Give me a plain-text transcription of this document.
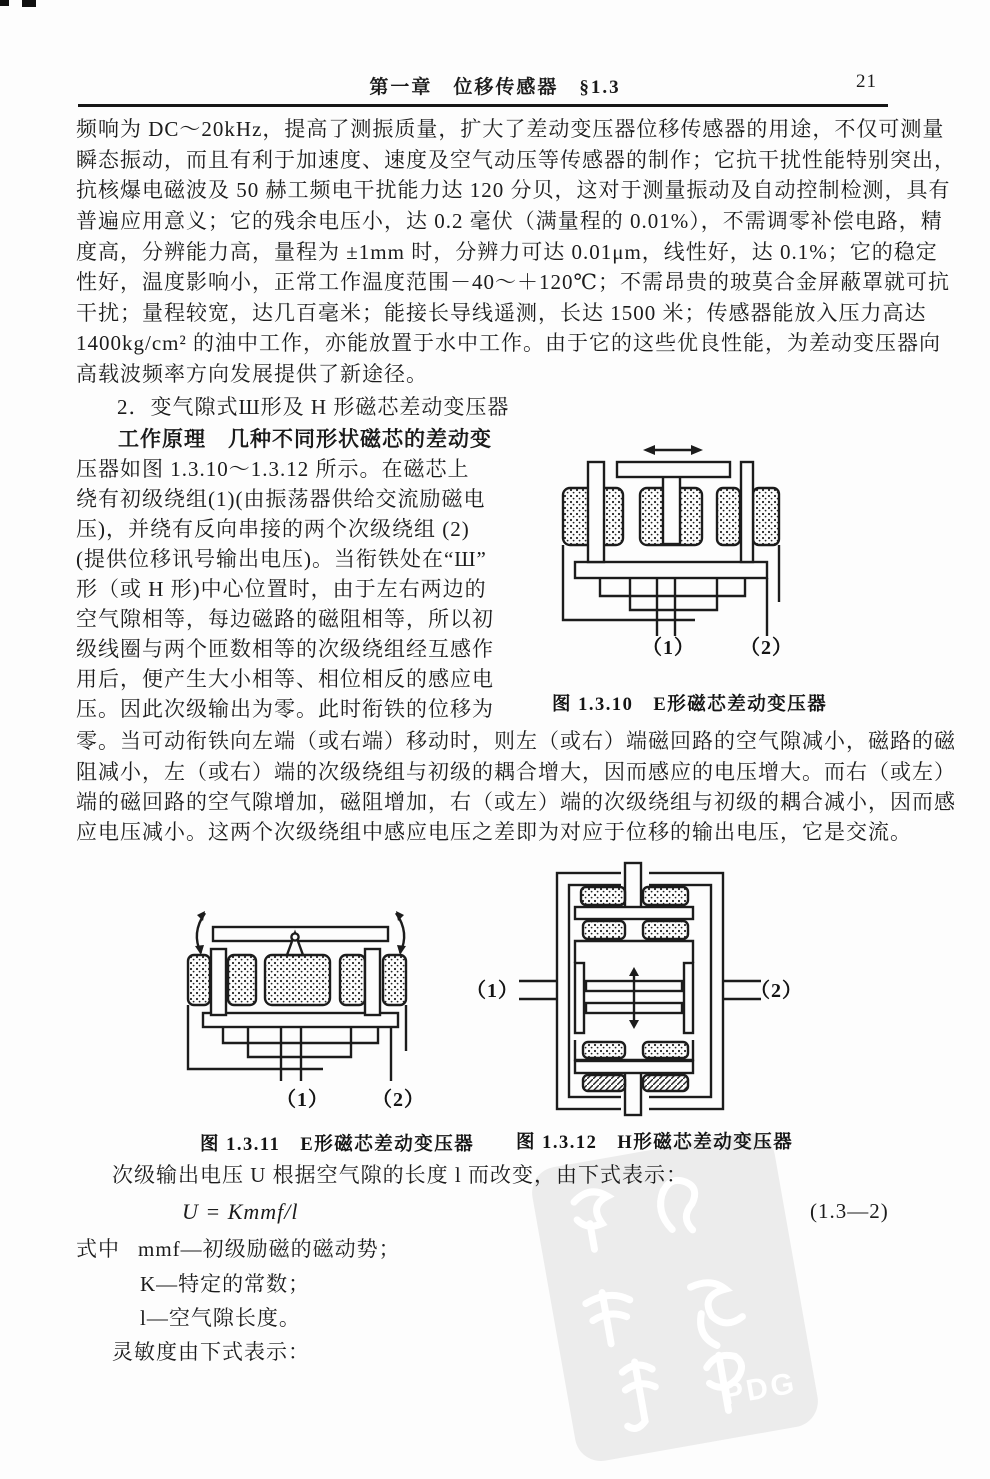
PDG
第一章　位移传感器　§1.3	21
频响为 DC～20kHz，提高了测振质量，扩大了差动变压器位移传感器的用途，不仅可测量
瞬态振动，而且有利于加速度、速度及空气动压等传感器的制作；它抗干扰性能特别突出，
抗核爆电磁波及 50 赫工频电干扰能力达 120 分贝，这对于测量振动及自动控制检测，具有
普遍应用意义；它的残余电压小，达 0.2 毫伏（满量程的 0.01%），不需调零补偿电路，精
度高，分辨能力高，量程为 ±1mm 时，分辨力可达 0.01μm，线性好，达 0.1%；它的稳定
性好，温度影响小，正常工作温度范围－40～＋120℃；不需昂贵的玻莫合金屏蔽罩就可抗
干扰；量程较宽，达几百毫米；能接长导线遥测，长达 1500 米；传感器能放入压力高达
1400kg/cm² 的油中工作，亦能放置于水中工作。由于它的这些优良性能，为差动变压器向
高载波频率方向发展提供了新途径。
2．变气隙式Ш形及 H 形磁芯差动变压器
工作原理　几种不同形状磁芯的差动变
压器如图 1.3.10～1.3.12 所示。在磁芯上
绕有初级绕组(1)(由振荡器供给交流励磁电
压)，并绕有反向串接的两个次级绕组 (2)
(提供位移讯号输出电压)。当衔铁处在“Ш”
形（或 H 形)中心位置时，由于左右两边的
空气隙相等，每边磁路的磁阻相等，所以初
级线圈与两个匝数相等的次级绕组经互感作
用后，便产生大小相等、相位相反的感应电
压。因此次级输出为零。此时衔铁的位移为
（1） （2）
图 1.3.10　E形磁芯差动变压器
零。当可动衔铁向左端（或右端）移动时，则左（或右）端磁回路的空气隙减小，磁路的磁
阻减小，左（或右）端的次级绕组与初级的耦合增大，因而感应的电压增大。而右（或左）
端的磁回路的空气隙增加，磁阻增加，右（或左）端的次级绕组与初级的耦合减小，因而感
应电压减小。这两个次级绕组中感应电压之差即为对应于位移的输出电压，它是交流。
（1） （2）
图 1.3.11　E形磁芯差动变压器
（1）	（2）
图 1.3.12　H形磁芯差动变压器
次级输出电压 U 根据空气隙的长度 l 而改变，由下式表示：
U = Kmmf/l	(1.3—2)
式中 mmf—初级励磁的磁动势；
K—特定的常数；
l—空气隙长度。
灵敏度由下式表示：
